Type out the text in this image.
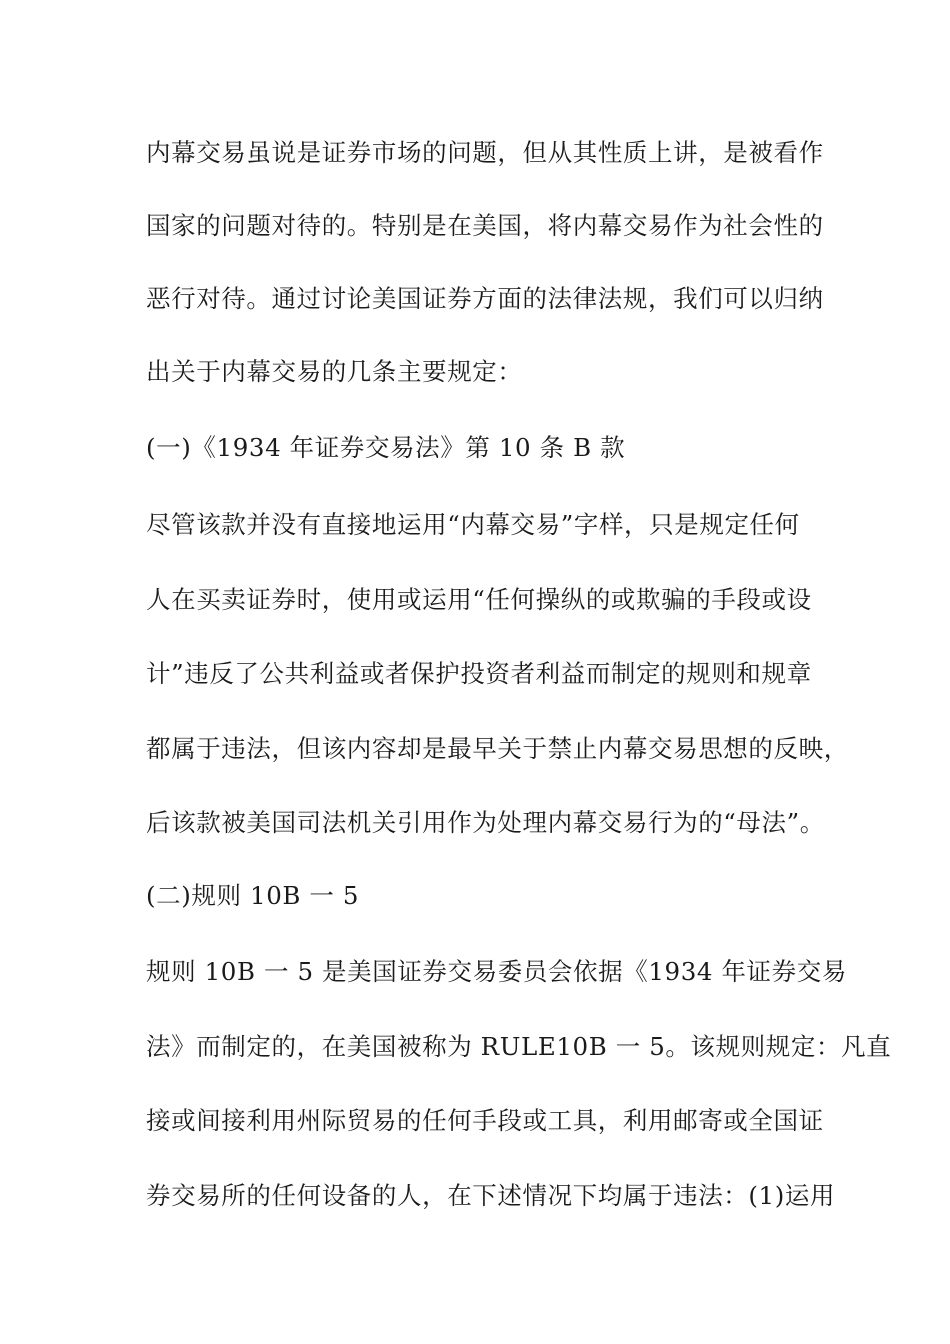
内幕交易虽说是证券市场的问题，但从其性质上讲，是被看作
国家的问题对待的。特别是在美国，将内幕交易作为社会性的
恶行对待。通过讨论美国证券方面的法律法规，我们可以归纳
出关于内幕交易的几条主要规定：
(一)《1934 年证券交易法》第 10 条 B 款
尽管该款并没有直接地运用“内幕交易”字样，只是规定任何
人在买卖证券时，使用或运用“任何操纵的或欺骗的手段或设
计”违反了公共利益或者保护投资者利益而制定的规则和规章
都属于违法，但该内容却是最早关于禁止内幕交易思想的反映，
后该款被美国司法机关引用作为处理内幕交易行为的“母法”。
(二)规则 10B 一 5
规则 10B 一 5 是美国证券交易委员会依据《1934 年证券交易
法》而制定的，在美国被称为 RULE10B 一 5。该规则规定：凡直
接或间接利用州际贸易的任何手段或工具，利用邮寄或全国证
券交易所的任何设备的人，在下述情况下均属于违法：(1)运用
